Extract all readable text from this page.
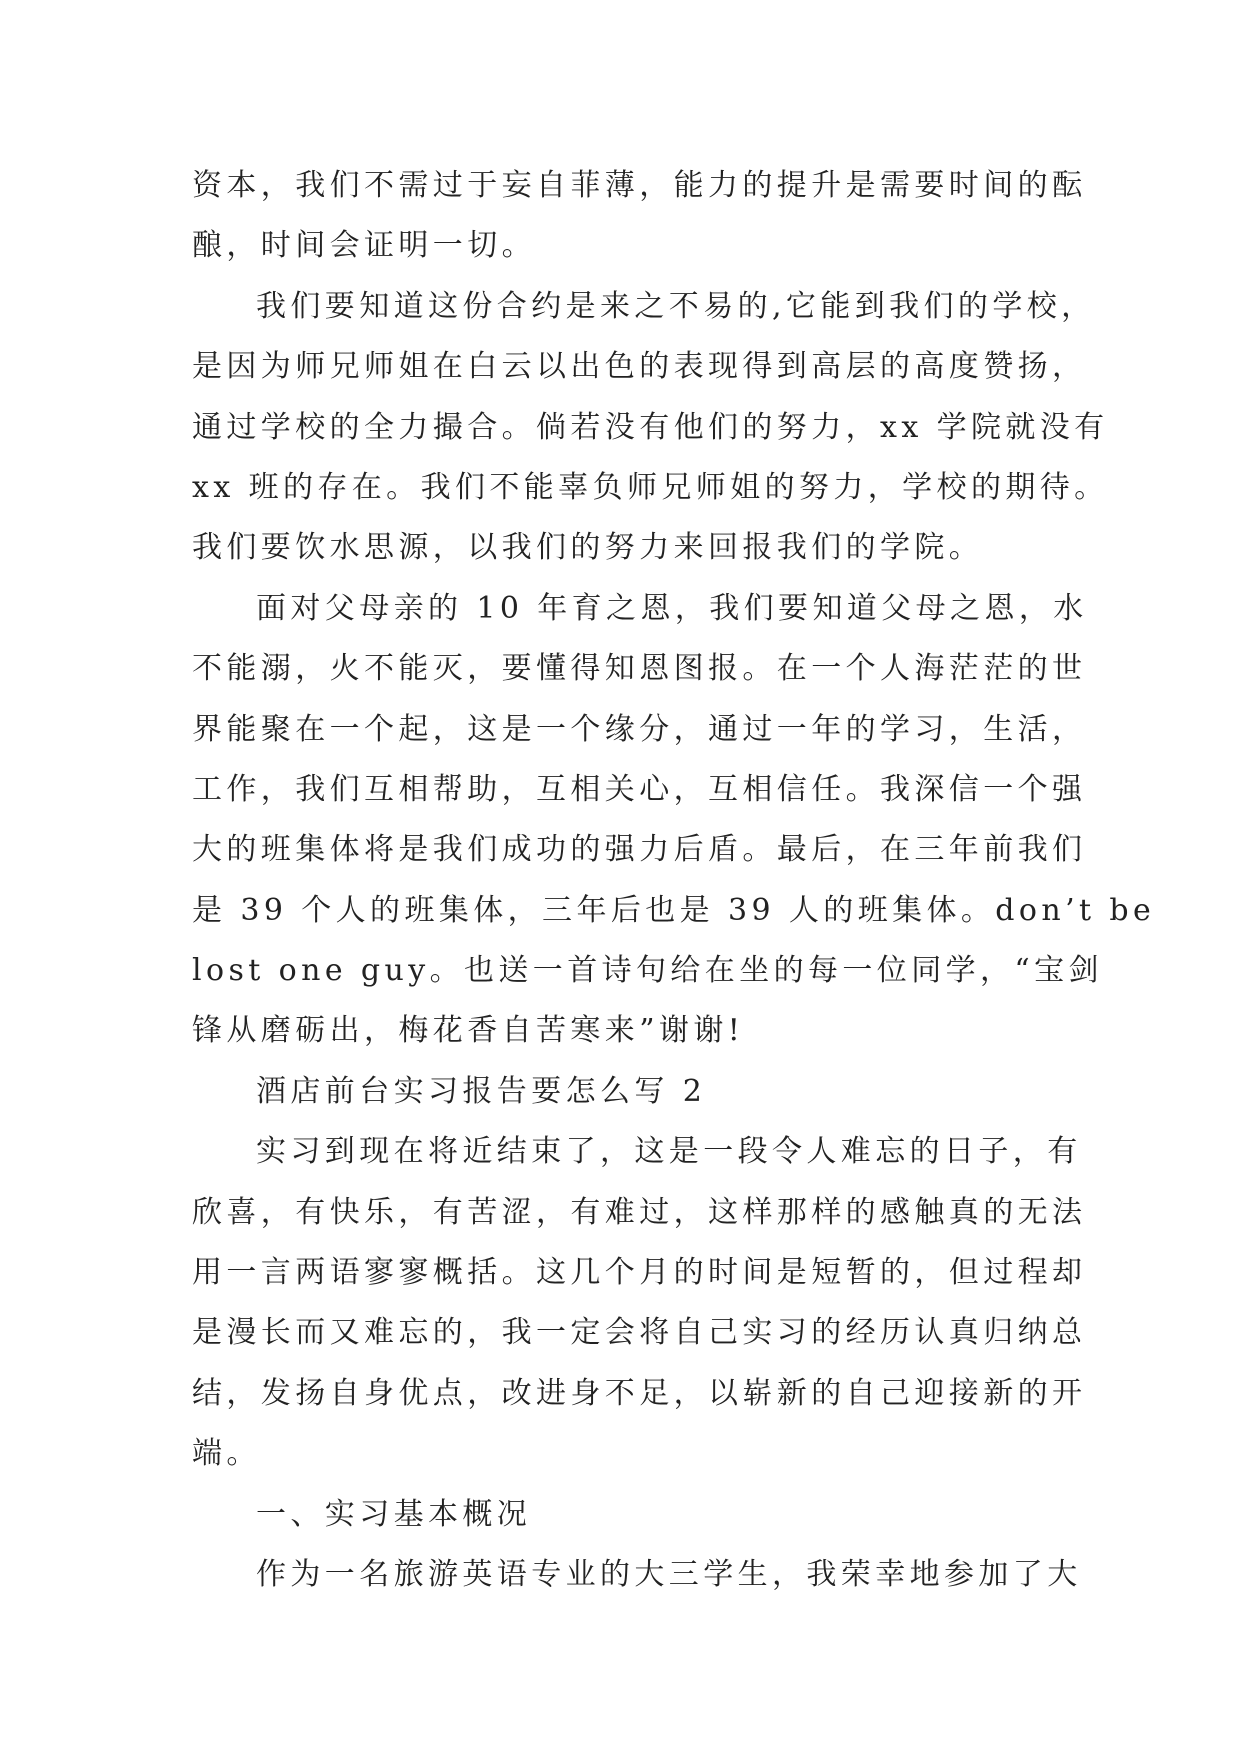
资本，我们不需过于妄自菲薄，能力的提升是需要时间的酝
酿，时间会证明一切。
我们要知道这份合约是来之不易的,它能到我们的学校，
是因为师兄师姐在白云以出色的表现得到高层的高度赞扬，
通过学校的全力撮合。倘若没有他们的努力，xx 学院就没有
xx 班的存在。我们不能辜负师兄师姐的努力，学校的期待。
我们要饮水思源，以我们的努力来回报我们的学院。
面对父母亲的 10 年育之恩，我们要知道父母之恩，水
不能溺，火不能灭，要懂得知恩图报。在一个人海茫茫的世
界能聚在一个起，这是一个缘分，通过一年的学习，生活，
工作，我们互相帮助，互相关心，互相信任。我深信一个强
大的班集体将是我们成功的强力后盾。最后，在三年前我们
是 39 个人的班集体，三年后也是 39 人的班集体。don’t be
lost one guy。也送一首诗句给在坐的每一位同学，“宝剑
锋从磨砺出，梅花香自苦寒来”谢谢!
酒店前台实习报告要怎么写 2
实习到现在将近结束了，这是一段令人难忘的日子，有
欣喜，有快乐，有苦涩，有难过，这样那样的感触真的无法
用一言两语寥寥概括。这几个月的时间是短暂的，但过程却
是漫长而又难忘的，我一定会将自己实习的经历认真归纳总
结，发扬自身优点，改进身不足，以崭新的自己迎接新的开
端。
一、实习基本概况
作为一名旅游英语专业的大三学生，我荣幸地参加了大
